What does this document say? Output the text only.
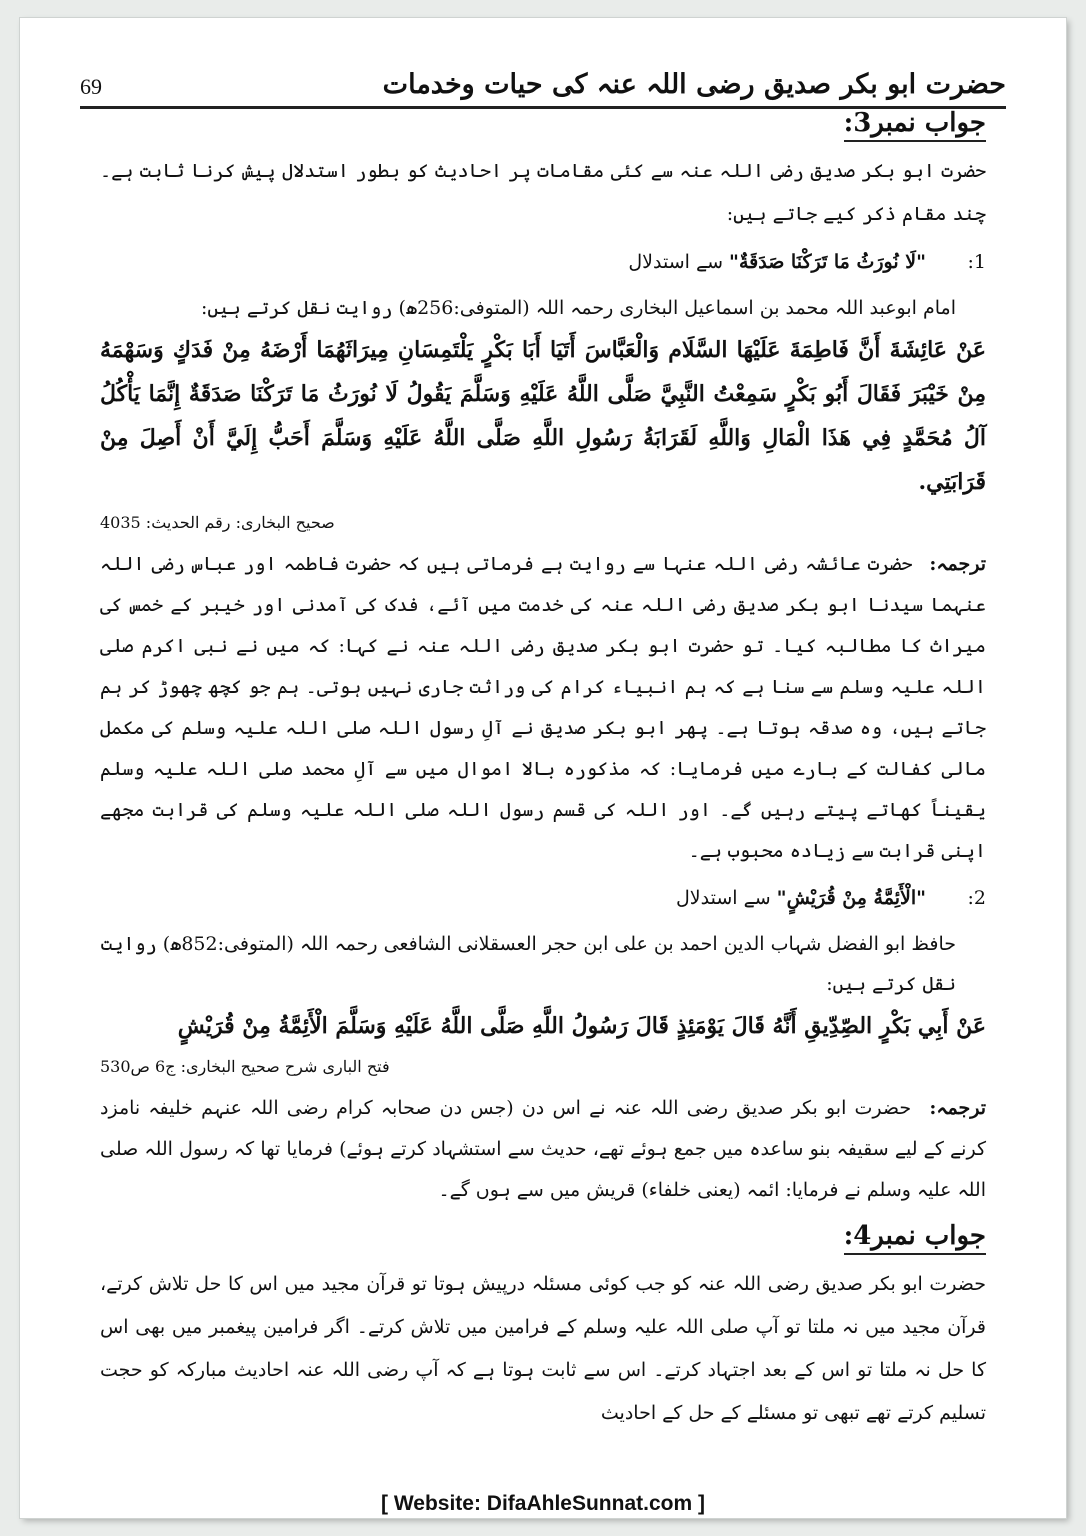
حضرت ابو بکر صدیق رضی اللہ عنہ کی حیات وخدمات
69
جواب نمبر3:

حضرت ابو بکر صدیق رضی اللہ عنہ سے کئی مقامات پر احادیث کو بطور استدلال پیش کرنا ثابت ہے۔ چند مقام ذکر کیے جاتے ہیں:

1:
"لَا نُورَثُ مَا تَرَكْنَا صَدَقَةٌ" سے استدلال

امام ابوعبد اللہ محمد بن اسماعیل البخاری رحمہ اللہ (المتوفی:256ھ) روایت نقل کرتے ہیں:

عَنْ عَائِشَةَ أَنَّ فَاطِمَةَ عَلَيْهَا السَّلَام وَالْعَبَّاسَ أَتَيَا أَبَا بَكْرٍ يَلْتَمِسَانِ مِيرَاثَهُمَا أَرْضَهُ مِنْ فَدَكٍ وَسَهْمَهُ مِنْ خَيْبَرَ فَقَالَ أَبُو بَكْرٍ سَمِعْتُ النَّبِيَّ صَلَّى اللَّهُ عَلَيْهِ وَسَلَّمَ يَقُولُ لَا نُورَثُ مَا تَرَكْنَا صَدَقَةٌ إِنَّمَا يَأْكُلُ آلُ مُحَمَّدٍ فِي هَذَا الْمَالِ وَاللَّهِ لَقَرَابَةُ رَسُولِ اللَّهِ صَلَّى اللَّهُ عَلَيْهِ وَسَلَّمَ أَحَبُّ إِلَيَّ أَنْ أَصِلَ مِنْ قَرَابَتِي.

صحیح البخاری: رقم الحدیث: 4035

ترجمہ: حضرت عائشہ رضی اللہ عنہا سے روایت ہے فرماتی ہیں کہ حضرت فاطمہ اور عباس رضی اللہ عنہما سیدنا ابو بکر صدیق رضی اللہ عنہ کی خدمت میں آئے، فدک کی آمدنی اور خیبر کے خمس کی میراث کا مطالبہ کیا۔ تو حضرت ابو بکر صدیق رضی اللہ عنہ نے کہا: کہ میں نے نبی اکرم صلی اللہ علیہ وسلم سے سنا ہے کہ ہم انبیاء کرام کی وراثت جاری نہیں ہوتی۔ ہم جو کچھ چھوڑ کر ہم جاتے ہیں، وہ صدقہ ہوتا ہے۔ پھر ابو بکر صدیق نے آلِ رسول اللہ صلی اللہ علیہ وسلم کی مکمل مالی کفالت کے بارے میں فرمایا: کہ مذکورہ بالا اموال میں سے آلِ محمد صلی اللہ علیہ وسلم یقیناً کھاتے پیتے رہیں گے۔ اور اللہ کی قسم رسول اللہ صلی اللہ علیہ وسلم کی قرابت مجھے اپنی قرابت سے زیادہ محبوب ہے۔

2:
"الْأَئِمَّةُ مِنْ قُرَيْشٍ" سے استدلال

حافظ ابو الفضل شہاب الدین احمد بن علی ابن حجر العسقلانی الشافعی رحمہ اللہ (المتوفی:852ھ) روایت نقل کرتے ہیں:

عَنْ أَبِي بَكْرٍ الصِّدِّيقِ أَنَّهُ قَالَ يَوْمَئِذٍ قَالَ رَسُولُ اللَّهِ صَلَّى اللَّهُ عَلَيْهِ وَسَلَّمَ الْأَئِمَّةُ مِنْ قُرَيْشٍ

فتح الباری شرح صحیح البخاری: ج6 ص530

ترجمہ: حضرت ابو بکر صدیق رضی اللہ عنہ نے اس دن (جس دن صحابہ کرام رضی اللہ عنہم خلیفہ نامزد کرنے کے لیے سقیفہ بنو ساعدہ میں جمع ہوئے تھے، حدیث سے استشہاد کرتے ہوئے) فرمایا تھا کہ رسول اللہ صلی اللہ علیہ وسلم نے فرمایا: ائمہ (یعنی خلفاء) قریش میں سے ہوں گے۔

جواب نمبر4:

حضرت ابو بکر صدیق رضی اللہ عنہ کو جب کوئی مسئلہ درپیش ہوتا تو قرآن مجید میں اس کا حل تلاش کرتے، قرآن مجید میں نہ ملتا تو آپ صلی اللہ علیہ وسلم کے فرامین میں تلاش کرتے۔ اگر فرامین پیغمبر میں بھی اس کا حل نہ ملتا تو اس کے بعد اجتہاد کرتے۔ اس سے ثابت ہوتا ہے کہ آپ رضی اللہ عنہ احادیث مبارکہ کو حجت تسلیم کرتے تھے تبھی تو مسئلے کے حل کے احادیث

[ Website: DifaAhleSunnat.com ]
